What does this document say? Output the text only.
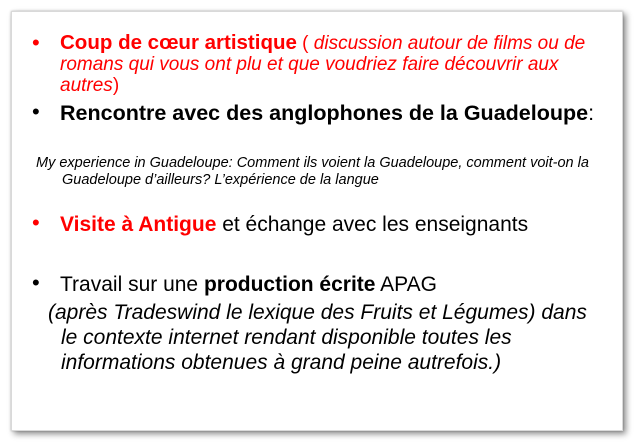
• Coup de cœur artistique ( discussion autour de films ou de romans qui vous ont plu et que voudriez faire découvrir aux autres)
• Rencontre avec des anglophones de la Guadeloupe:
My experience in Guadeloupe: Comment ils voient la Guadeloupe, comment voit-on la Guadeloupe d’ailleurs? L’expérience de la langue
• Visite à Antigue et échange avec les enseignants
• Travail sur une production écrite APAG
(après Tradeswind le lexique des Fruits et Légumes) dans le contexte internet rendant disponible toutes les informations obtenues à grand peine autrefois.)
